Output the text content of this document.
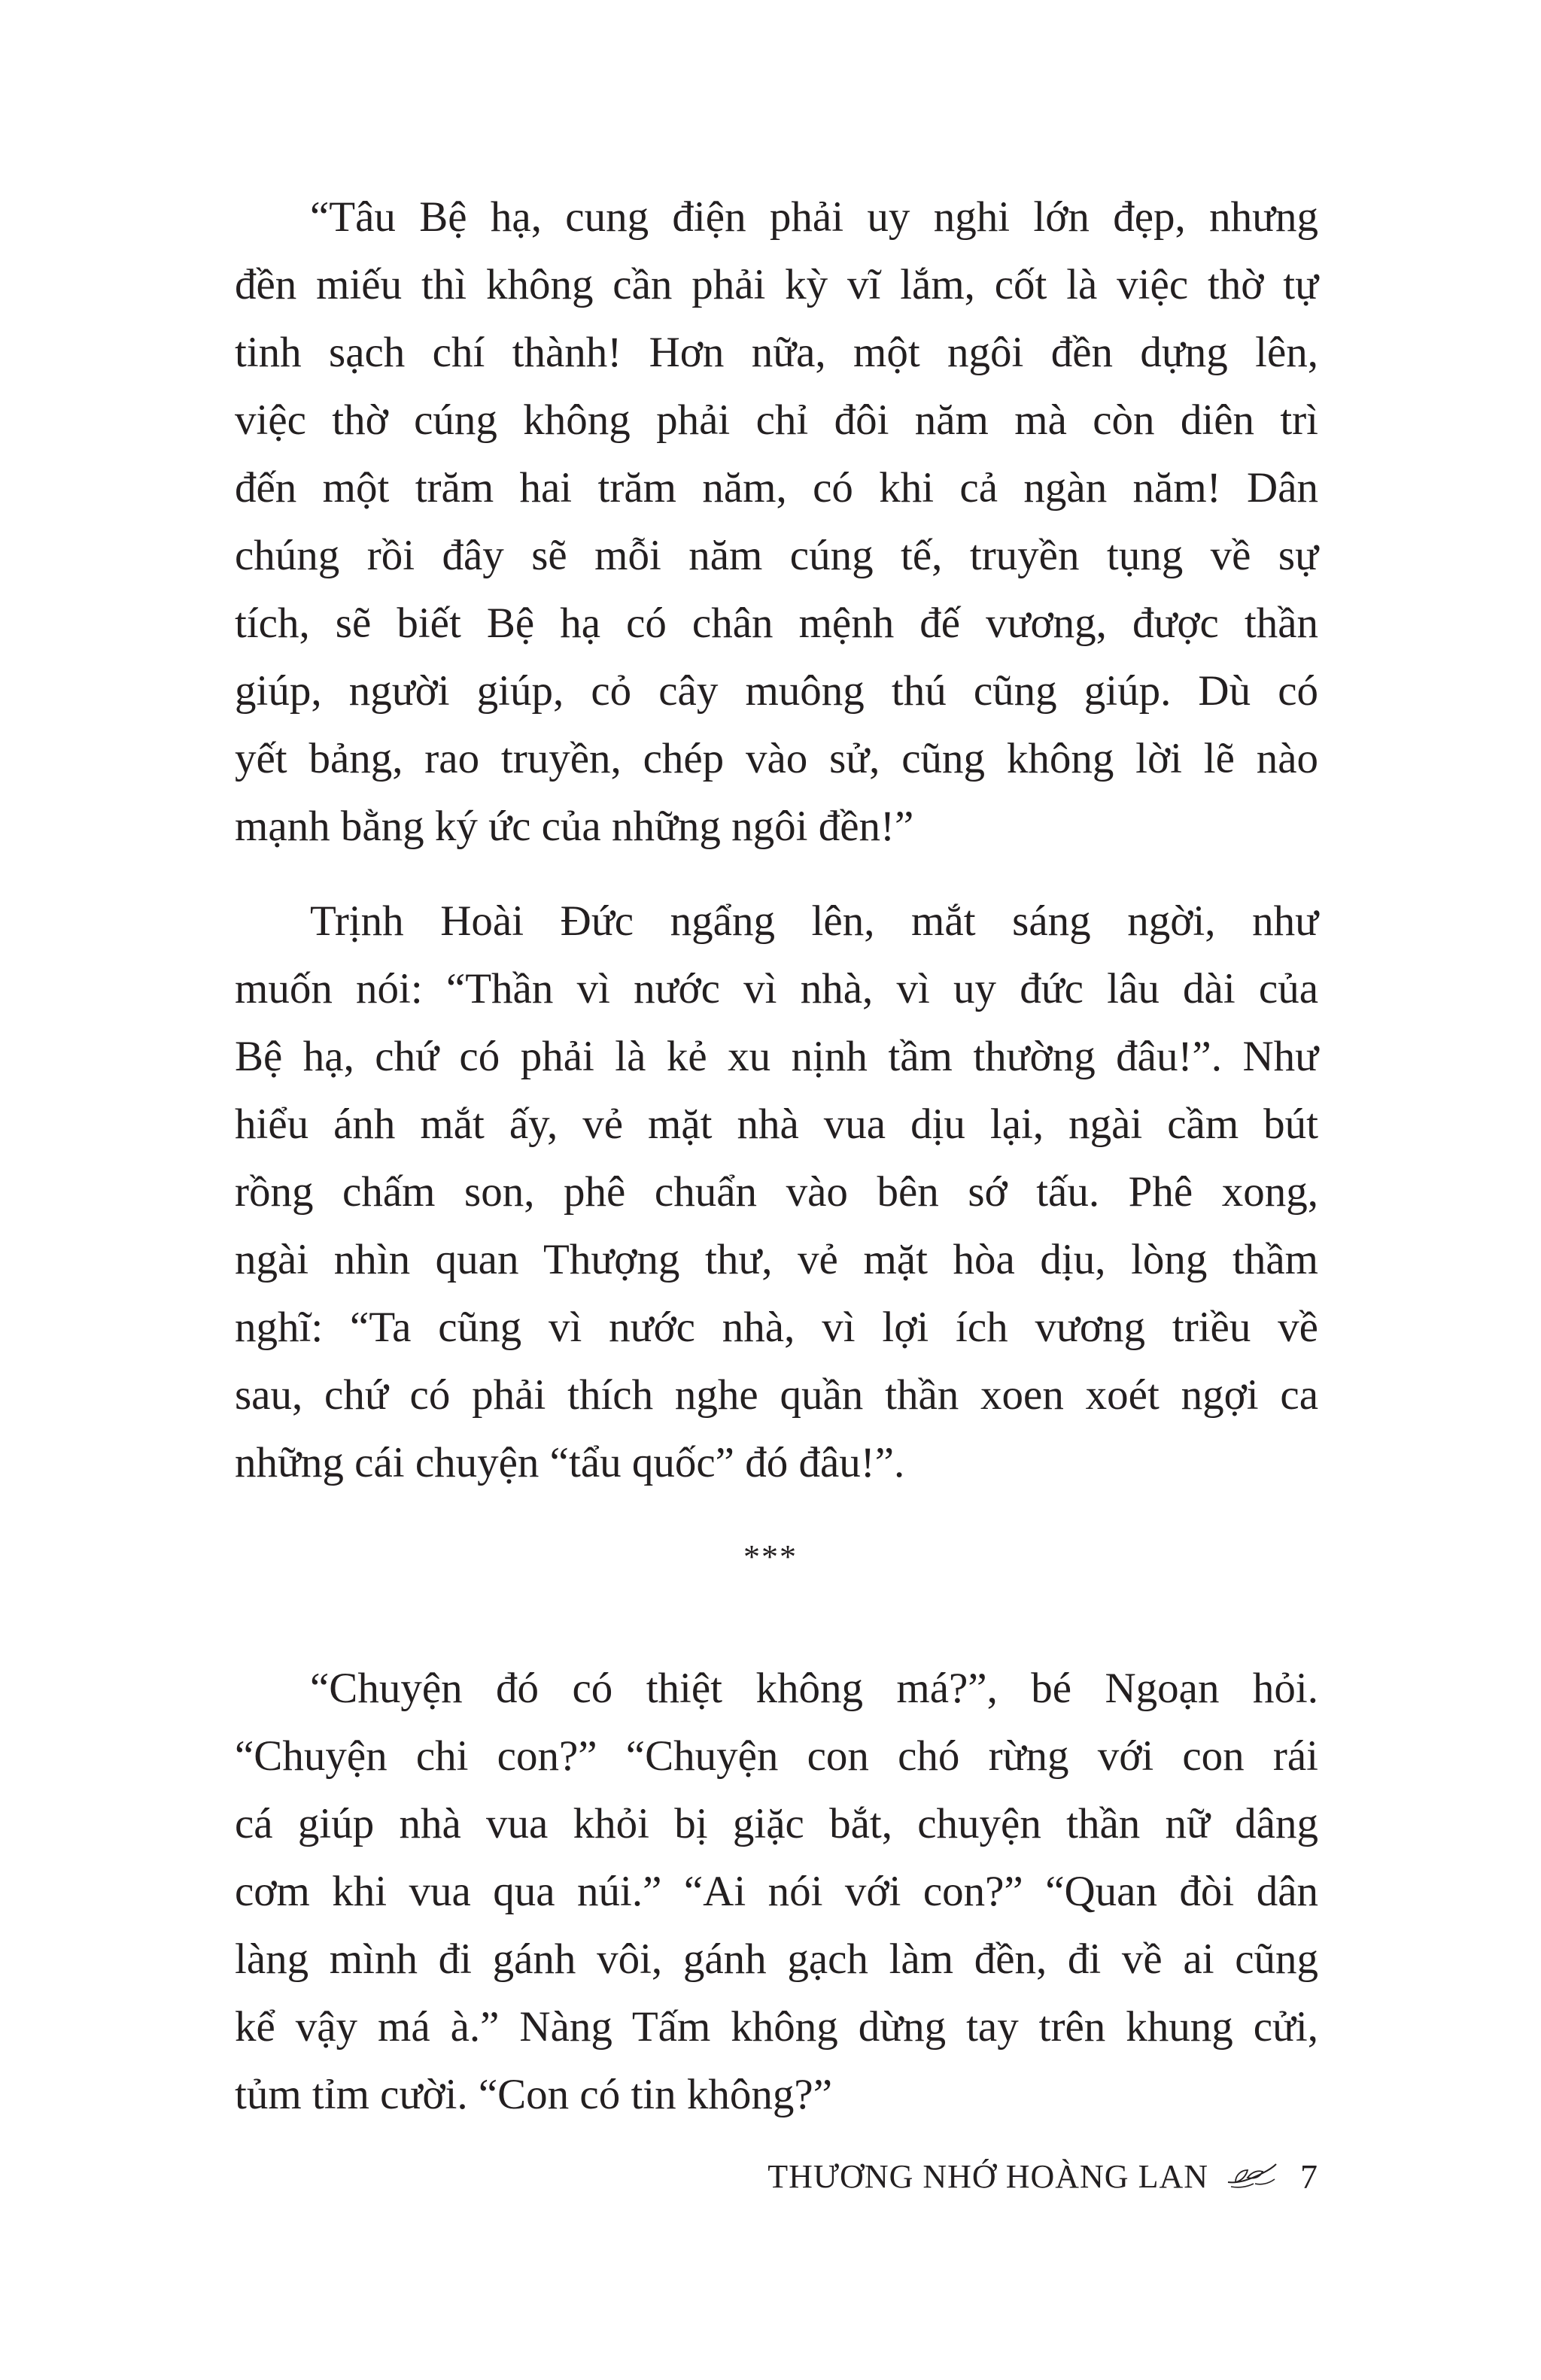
“Tâu Bệ hạ, cung điện phải uy nghi lớn đẹp, nhưng
đền miếu thì không cần phải kỳ vĩ lắm, cốt là việc thờ tự
tinh sạch chí thành! Hơn nữa, một ngôi đền dựng lên,
việc thờ cúng không phải chỉ đôi năm mà còn diên trì
đến một trăm hai trăm năm, có khi cả ngàn năm! Dân
chúng rồi đây sẽ mỗi năm cúng tế, truyền tụng về sự
tích, sẽ biết Bệ hạ có chân mệnh đế vương, được thần
giúp, người giúp, cỏ cây muông thú cũng giúp. Dù có
yết bảng, rao truyền, chép vào sử, cũng không lời lẽ nào
mạnh bằng ký ức của những ngôi đền!”
Trịnh Hoài Đức ngẩng lên, mắt sáng ngời, như
muốn nói: “Thần vì nước vì nhà, vì uy đức lâu dài của
Bệ hạ, chứ có phải là kẻ xu nịnh tầm thường đâu!”. Như
hiểu ánh mắt ấy, vẻ mặt nhà vua dịu lại, ngài cầm bút
rồng chấm son, phê chuẩn vào bên sớ tấu. Phê xong,
ngài nhìn quan Thượng thư, vẻ mặt hòa dịu, lòng thầm
nghĩ: “Ta cũng vì nước nhà, vì lợi ích vương triều về
sau, chứ có phải thích nghe quần thần xoen xoét ngợi ca
những cái chuyện “tẩu quốc” đó đâu!”.
***
“Chuyện đó có thiệt không má?”, bé Ngoạn hỏi.
“Chuyện chi con?” “Chuyện con chó rừng với con rái
cá giúp nhà vua khỏi bị giặc bắt, chuyện thần nữ dâng
cơm khi vua qua núi.” “Ai nói với con?” “Quan đòi dân
làng mình đi gánh vôi, gánh gạch làm đền, đi về ai cũng
kể vậy má à.” Nàng Tấm không dừng tay trên khung cửi,
tủm tỉm cười. “Con có tin không?”
THƯƠNG NHỚ HOÀNG LAN	7
